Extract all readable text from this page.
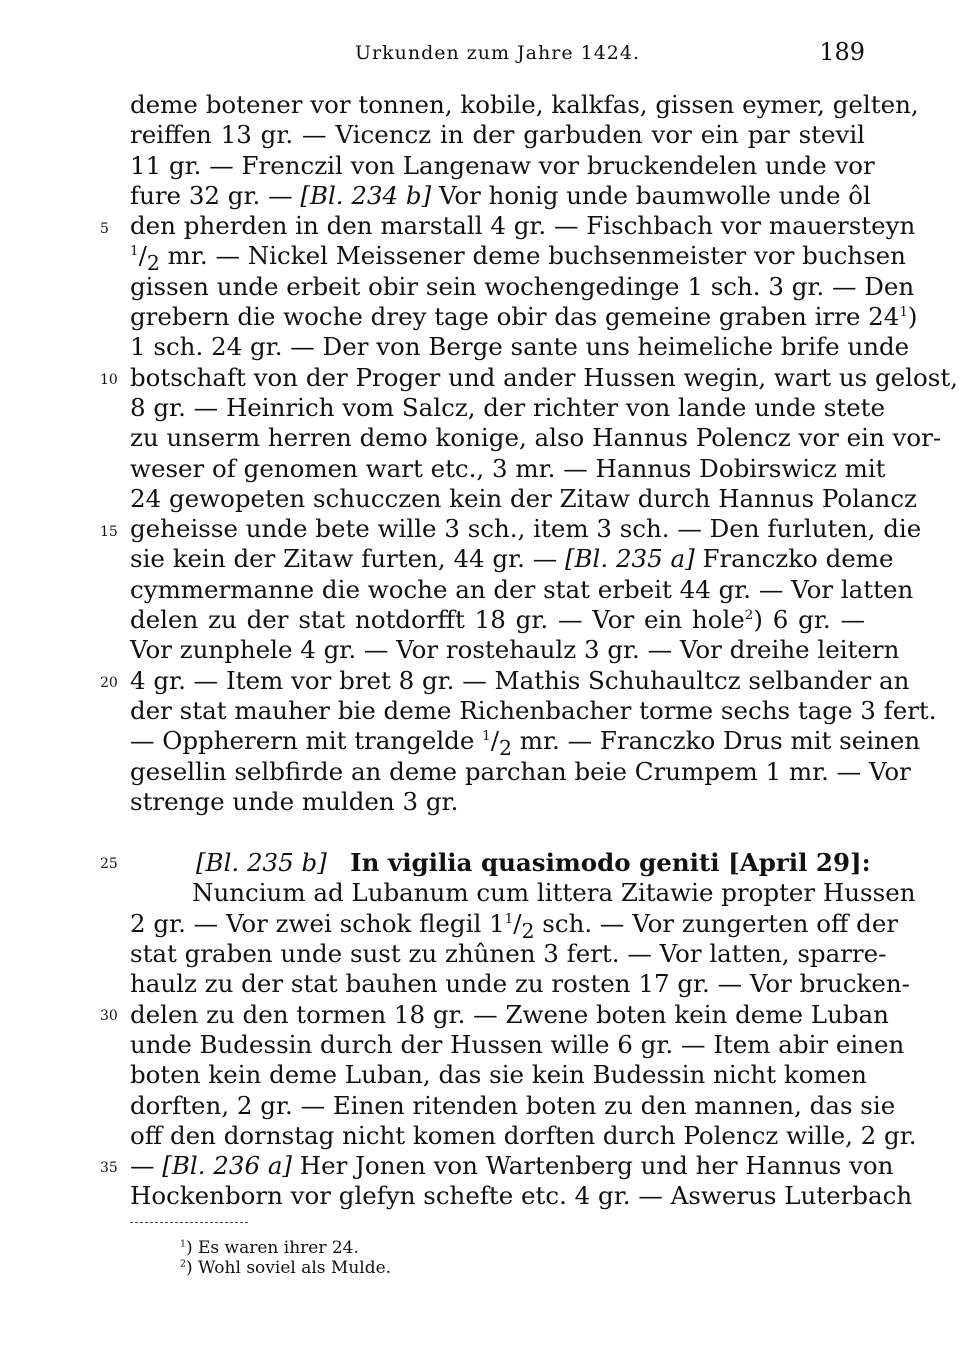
Urkunden zum Jahre 1424.	189
5
10
15
20
25
30
35
deme botener vor tonnen, kobile, kalkfas, gissen eymer, gelten,
reiffen 13 gr. — Vicencz in der garbuden vor ein par stevil
11 gr. — Frenczil von Langenaw vor bruckendelen unde vor
fure 32 gr. — [Bl. 234 b] Vor honig unde baumwolle unde ôl
den pherden in den marstall 4 gr. — Fischbach vor mauersteyn
$^1/_2$ mr. — Nickel Meissener deme buchsenmeister vor buchsen
gissen unde erbeit obir sein wochengedinge 1 sch. 3 gr. — Den
grebern die woche drey tage obir das gemeine graben irre $24^1$)
1 sch. 24 gr. — Der von Berge sante uns heimeliche brife unde
botschaft von der Proger und ander Hussen wegin, wart us gelost,
8 gr. — Heinrich vom Salcz, der richter von lande unde stete
zu unserm herren demo konige, also Hannus Polencz vor ein vor-
weser of genomen wart etc., 3 mr. — Hannus Dobirswicz mit
24 gewopeten schucczen kein der Zitaw durch Hannus Polancz
geheisse unde bete wille 3 sch., item 3 sch. — Den furluten, die
sie kein der Zitaw furten, 44 gr. — [Bl. 235 a] Franczko deme
cymmermanne die woche an der stat erbeit 44 gr. — Vor latten
delen zu der stat notdorfft 18 gr. — Vor ein hole$^2$) 6 gr. —
Vor zunphele 4 gr. — Vor rostehaulz 3 gr. — Vor dreihe leitern
4 gr. — Item vor bret 8 gr. — Mathis Schuhaultcz selbander an
der stat mauher bie deme Richenbacher torme sechs tage 3 fert.
— Oppherern mit trangelde $^1/_2$ mr. — Franczko Drus mit seinen
gesellin selbfirde an deme parchan beie Crumpem 1 mr. — Vor
strenge unde mulden 3 gr.
[Bl. 235 b] In vigilia quasimodo geniti [April 29]:
Nuncium ad Lubanum cum littera Zitawie propter Hussen
2 gr. — Vor zwei schok flegil $1^1/_2$ sch. — Vor zungerten off der
stat graben unde sust zu zhûnen 3 fert. — Vor latten, sparre-
haulz zu der stat bauhen unde zu rosten 17 gr. — Vor brucken-
delen zu den tormen 18 gr. — Zwene boten kein deme Luban
unde Budessin durch der Hussen wille 6 gr. — Item abir einen
boten kein deme Luban, das sie kein Budessin nicht komen
dorften, 2 gr. — Einen ritenden boten zu den mannen, das sie
off den dornstag nicht komen dorften durch Polencz wille, 2 gr.
— [Bl. 236 a] Her Jonen von Wartenberg und her Hannus von
Hockenborn vor glefyn schefte etc. 4 gr. — Aswerus Luterbach
$^1$) Es waren ihrer 24.
$^2$) Wohl soviel als Mulde.
